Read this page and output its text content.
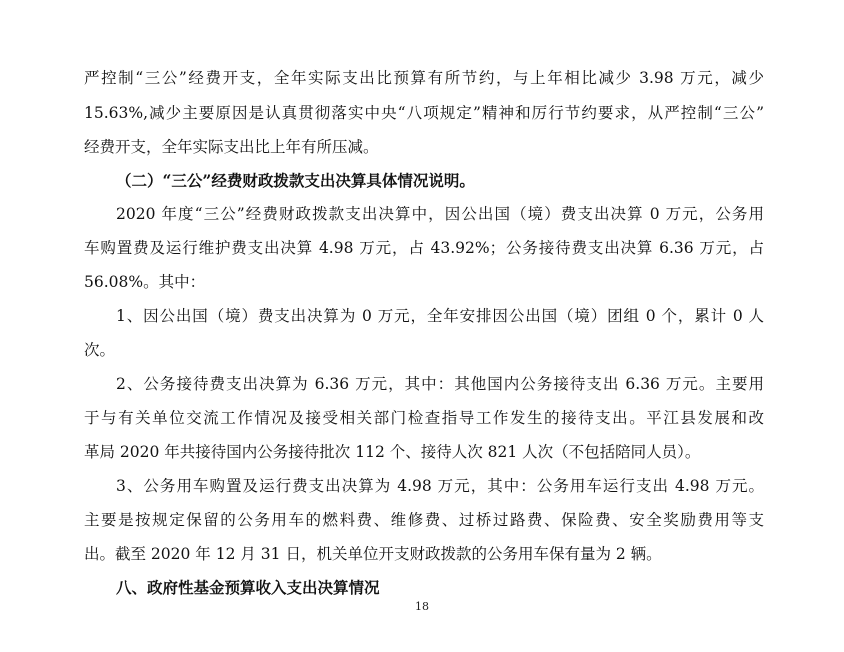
严控制“三公”经费开支，全年实际支出比预算有所节约，与上年相比减少 3.98 万元，减少
15.63%,减少主要原因是认真贯彻落实中央“八项规定”精神和厉行节约要求，从严控制“三公”
经费开支，全年实际支出比上年有所压减。
（二）“三公”经费财政拨款支出决算具体情况说明。
2020 年度“三公”经费财政拨款支出决算中，因公出国（境）费支出决算 0 万元，公务用
车购置费及运行维护费支出决算 4.98 万元，占 43.92%；公务接待费支出决算 6.36 万元，占
56.08%。其中：
1、因公出国（境）费支出决算为 0 万元，全年安排因公出国（境）团组 0 个，累计 0 人
次。
2、公务接待费支出决算为 6.36 万元，其中：其他国内公务接待支出 6.36 万元。主要用
于与有关单位交流工作情况及接受相关部门检查指导工作发生的接待支出。平江县发展和改
革局 2020 年共接待国内公务接待批次 112 个、接待人次 821 人次（不包括陪同人员）。
3、公务用车购置及运行费支出决算为 4.98 万元，其中：公务用车运行支出 4.98 万元。
主要是按规定保留的公务用车的燃料费、维修费、过桥过路费、保险费、安全奖励费用等支
出。截至 2020 年 12 月 31 日，机关单位开支财政拨款的公务用车保有量为 2 辆。
八、政府性基金预算收入支出决算情况
18
